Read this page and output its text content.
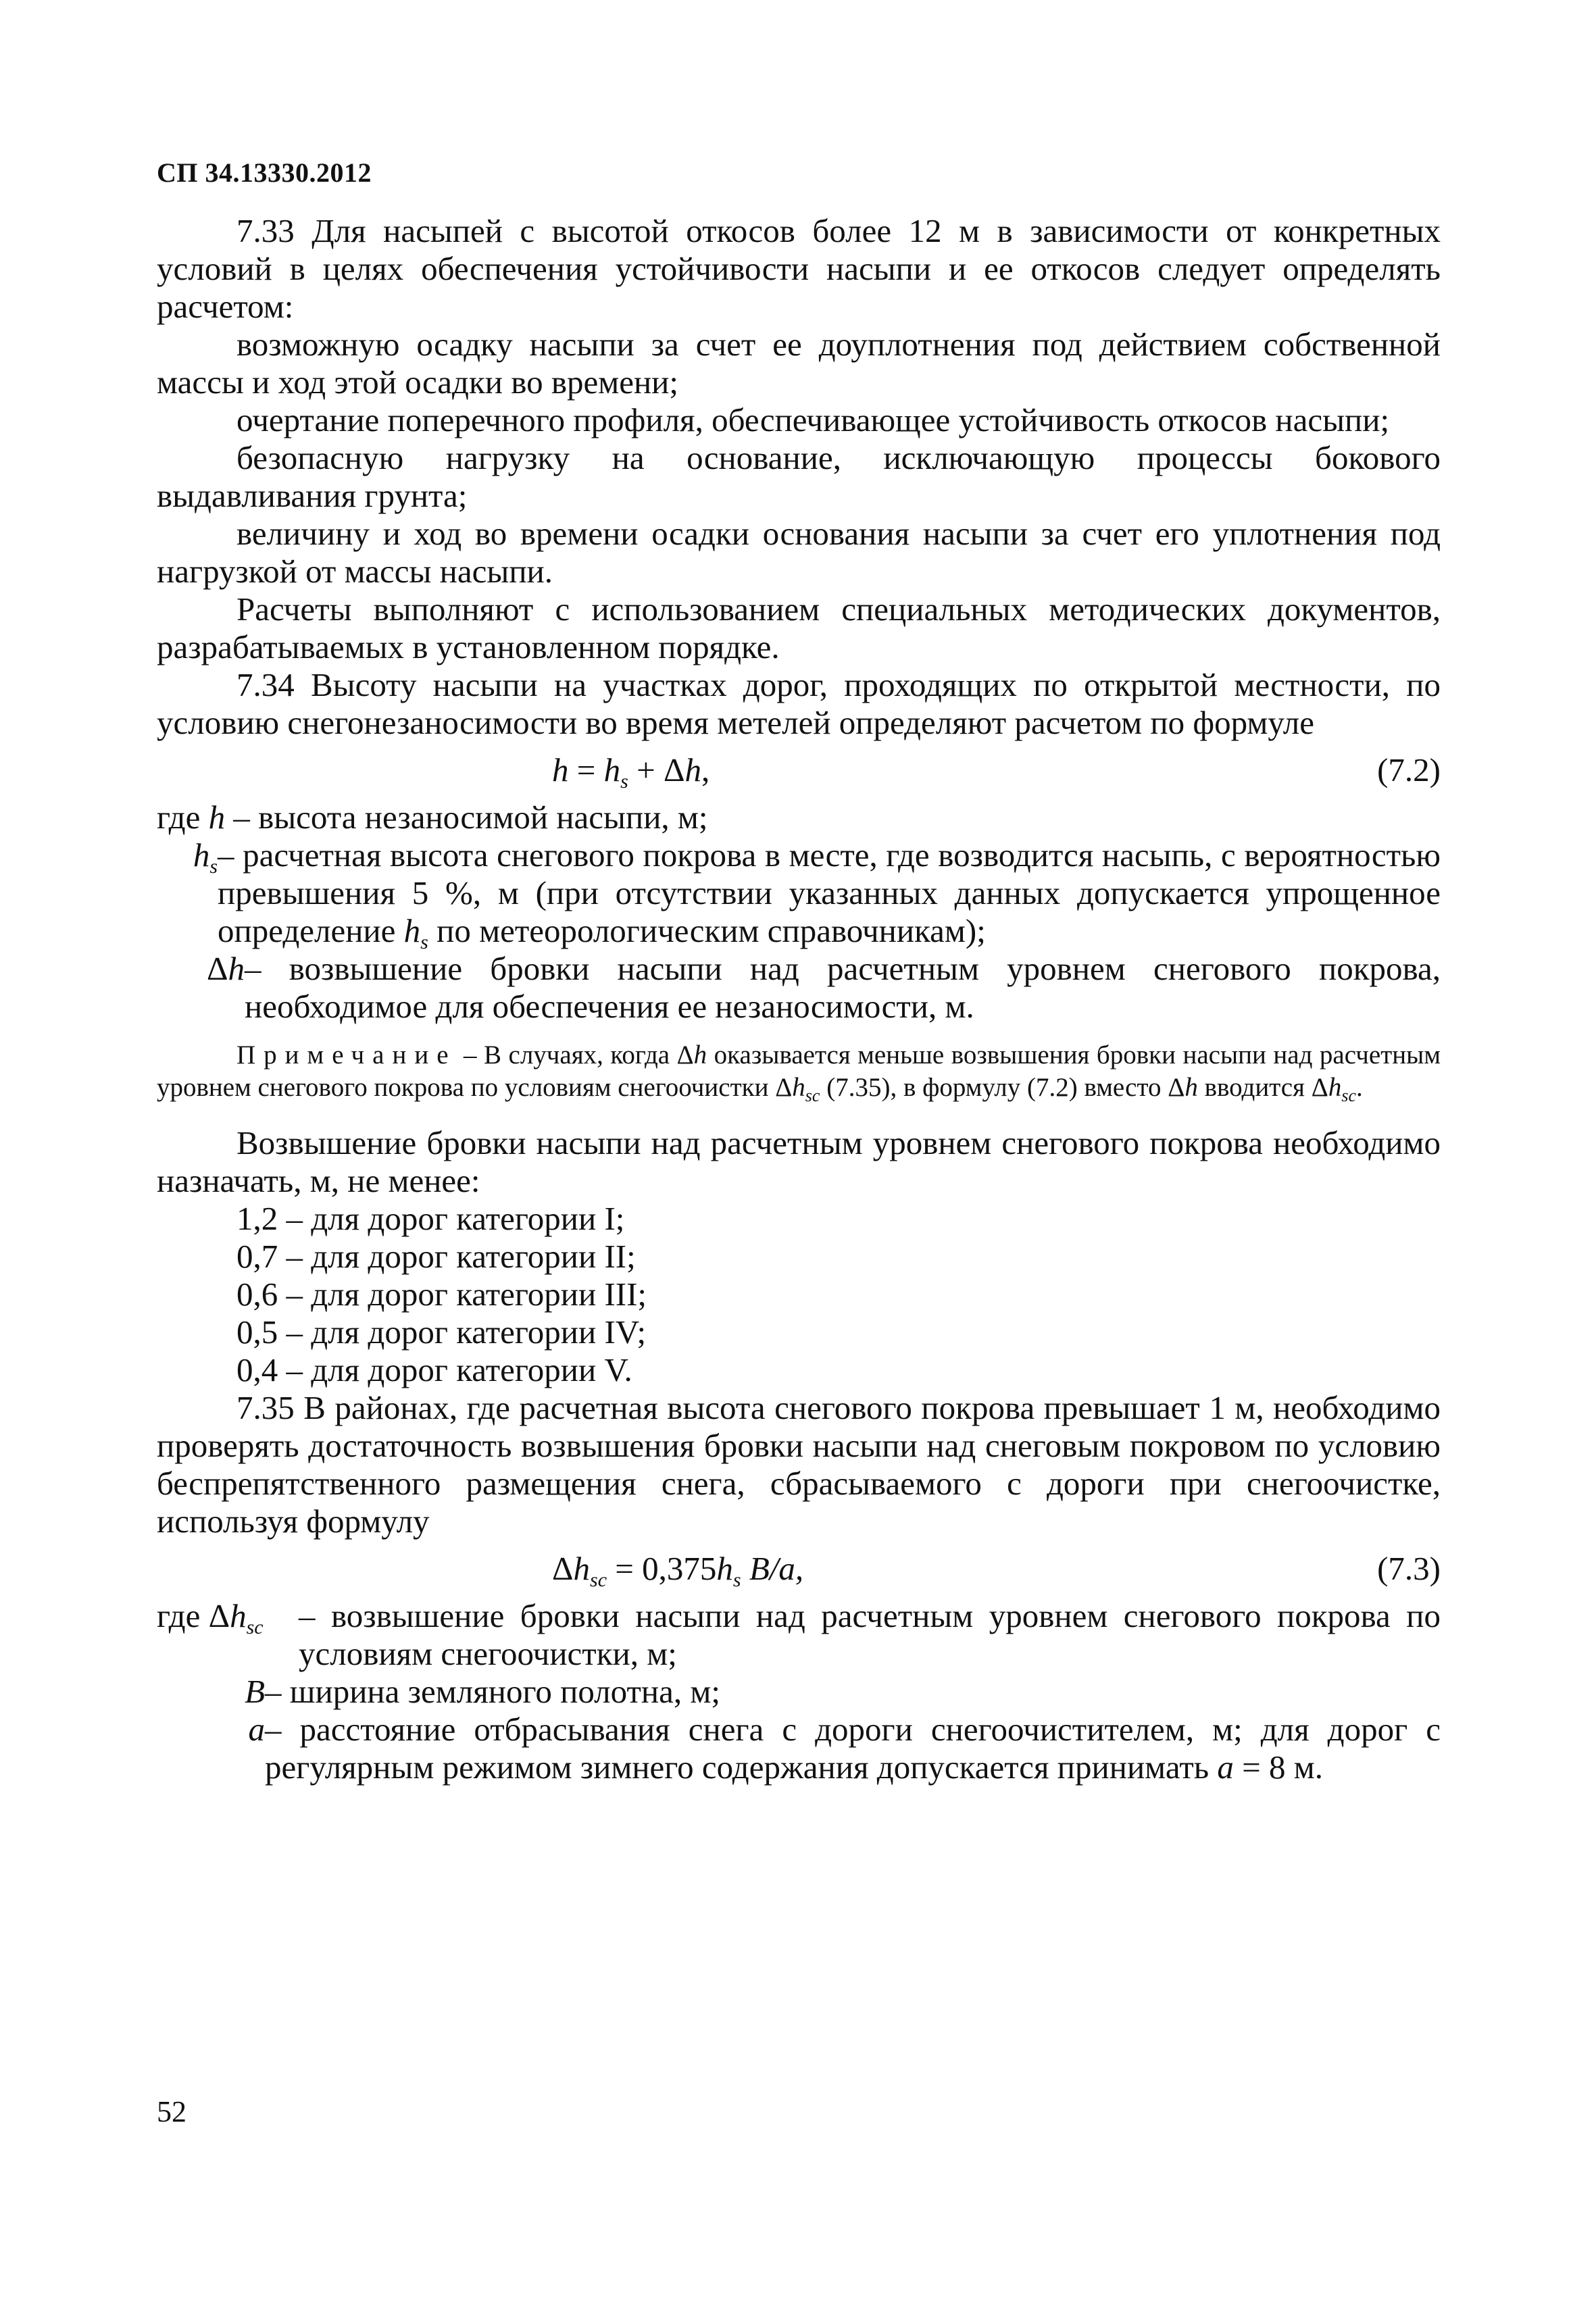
СП 34.13330.2012

7.33 Для насыпей с высотой откосов более 12 м в зависимости от конкретных условий в целях обеспечения устойчивости насыпи и ее откосов следует определять расчетом:

возможную осадку насыпи за счет ее доуплотнения под действием собственной массы и ход этой осадки во времени;

очертание поперечного профиля, обеспечивающее устойчивость откосов насыпи;

безопасную нагрузку на основание, исключающую процессы бокового выдавливания грунта;

величину и ход во времени осадки основания насыпи за счет его уплотнения под нагрузкой от массы насыпи.

Расчеты выполняют с использованием специальных методических документов, разрабатываемых в установленном порядке.

7.34 Высоту насыпи на участках дорог, проходящих по открытой местности, по условию снегонезаносимости во время метелей определяют расчетом по формуле

$h = h_s + \Delta h$,	(7.2)

где h – высота незаносимой насыпи, м;

$h_s$ – расчетная высота снегового покрова в месте, где возводится насыпь, с вероятностью превышения 5 %, м (при отсутствии указанных данных допускается упрощенное определение $h_s$ по метеорологическим справочникам);
Δh – возвышение бровки насыпи над расчетным уровнем снегового покрова, необходимое для обеспечения ее незаносимости, м.

Примечание – В случаях, когда Δh оказывается меньше возвышения бровки насыпи над расчетным уровнем снегового покрова по условиям снегоочистки $\Delta h_{sc}$ (7.35), в формулу (7.2) вместо Δh вводится $\Delta h_{sc}$.

Возвышение бровки насыпи над расчетным уровнем снегового покрова необходимо назначать, м, не менее:

1,2 – для дорог категории I;

0,7 – для дорог категории II;

0,6 – для дорог категории III;

0,5 – для дорог категории IV;

0,4 – для дорог категории V.

7.35 В районах, где расчетная высота снегового покрова превышает 1 м, необходимо проверять достаточность возвышения бровки насыпи над снеговым покровом по условию беспрепятственного размещения снега, сбрасываемого с дороги при снегоочистке, используя формулу

$\Delta h_{sc} = 0,375h_s$ B/a,	(7.3)
где $\Delta h_{sc}$	– возвышение бровки насыпи над расчетным уровнем снегового покрова по условиям снегоочистки, м;
B – ширина земляного полотна, м;
a – расстояние отбрасывания снега с дороги снегоочистителем, м; для дорог с регулярным режимом зимнего содержания допускается принимать a = 8 м.
52
